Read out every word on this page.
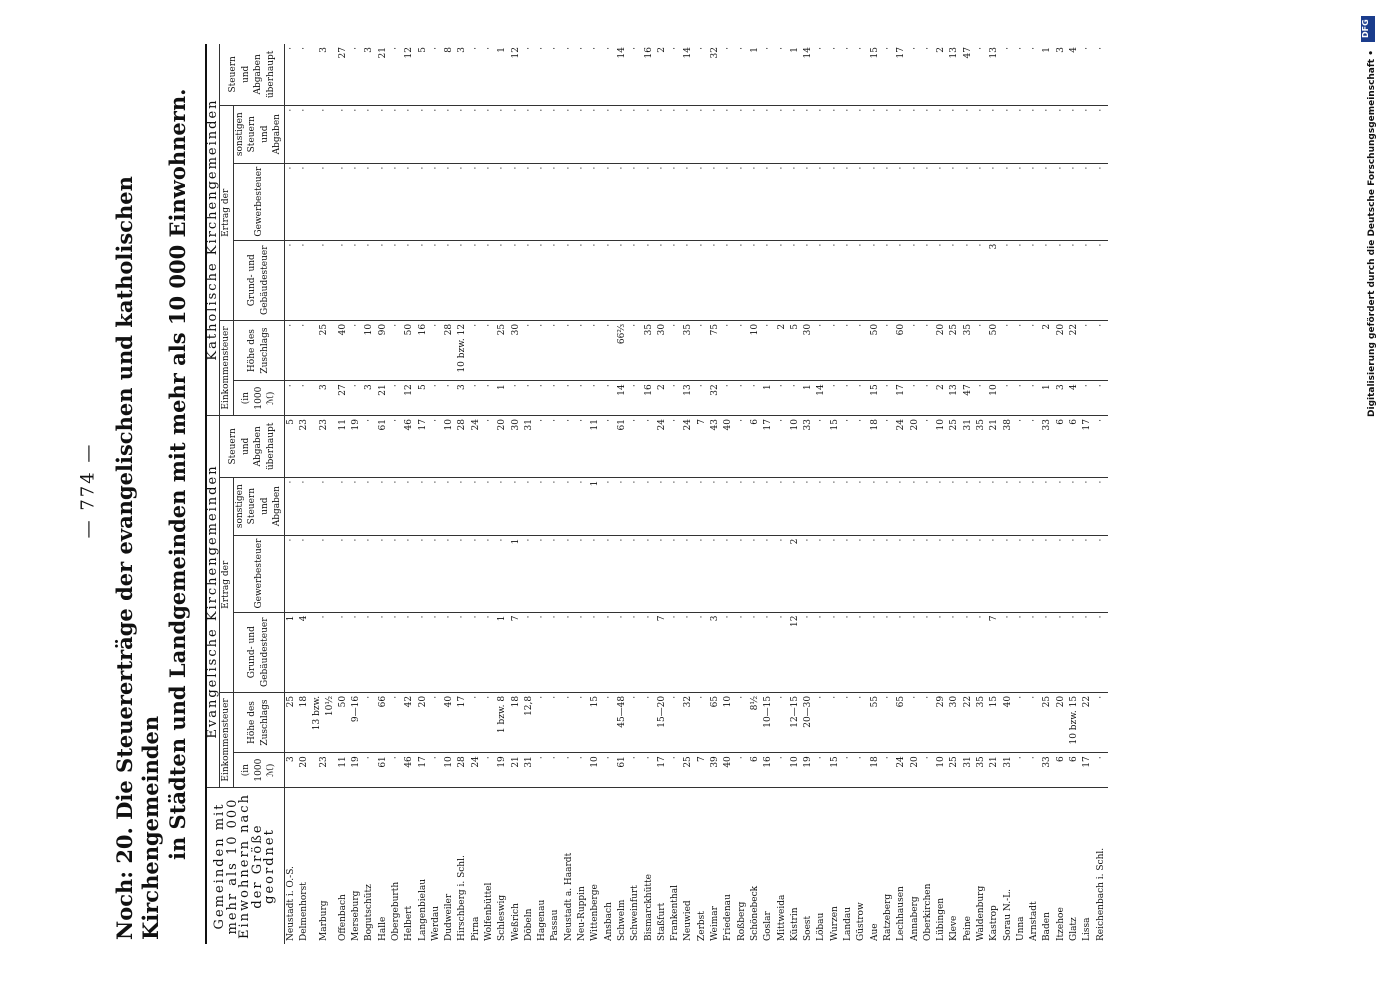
— 774 —
DFG
Digitalisierung gefördert durch die Deutsche Forschungsgemeinschaft •
Noch: 20. Die Steuererträge der evangelischen und katholischen Kirchengemeinden in Städten und Landgemeinden mit mehr als 10 000 Einwohnern.
Gemeinden mit mehr als 10 000 Einwohnern nach der Größe geordnet	Evangelische Kirchengemeinden						Katholische Kirchengemeinden					
	Einkommensteuer		Ertrag der			Steuern und Abgaben überhaupt	Einkommensteuer		Ertrag der			Steuern und Abgaben überhaupt
	(in 1000 ℳ)	Höhe des Zuschlags	Grund- und Gebäudesteuer	Gewerbesteuer	sonstigen Steuern und Abgaben		(in 1000 ℳ)	Höhe des Zuschlags	Grund- und Gebäudesteuer	Gewerbesteuer	sonstigen Steuern und Abgaben	
Neustadt i. O.-S.	3	25	1	·	·	5	·	·	·	·	·	·
Delmenhorst	20	18	4	·	·	23	·	·	·	·	·	·
Marburg	23	13 bzw. 10½	·	·	·	23	3	25	·	·	·	3
Offenbach	11	50	·	·	·	11	27	40	·	·	·	27
Merseburg	19	9—16	·	·	·	19	·	·	·	·	·	·
Bogutschütz	·	·	·	·	·	·	3	10	·	·	·	3
Halle	61	66	·	·	·	61	21	90	·	·	·	21
Obergeburth	·	·	·	·	·	·	·	·	·	·	·	·
Helbert	46	42	·	·	·	46	12	50	·	·	·	12
Langenbielau	17	20	·	·	·	17	5	16	·	·	·	5
Werdau	·	·	·	·	·	·	·	·	·	·	·	·
Dudweiler	10	40	·	·	·	10	·	28	·	·	·	8
Hirschberg i. Schl.	28	17	·	·	·	28	3	10 bzw. 12	·	·	·	3
Pirna	24	·	·	·	·	24	·	·	·	·	·	·
Wolfenbüttel	·	·	·	·	·	·	·	·	·	·	·	·
Schleswig	19	1 bzw. 8	1	·	·	20	1	25	·	·	·	1
Weßrich	21	18	7	1	·	30	·	30	·	·	·	12
Döbeln	31	12,8	·	·	·	31	·	·	·	·	·	·
Hagenau	·	·	·	·	·	·	·	·	·	·	·	·
Passau	·	·	·	·	·	·	·	·	·	·	·	·
Neustadt a. Haardt	·	·	·	·	·	·	·	·	·	·	·	·
Neu-Ruppin	·	·	·	·	·	·	·	·	·	·	·	·
Wittenberge	10	15	·	·	1	11	·	·	·	·	·	·
Ansbach	·	·	·	·	·	·	·	·	·	·	·	·
Schwelm	61	45—48	·	·	·	61	14	66⅔	·	·	·	14
Schweinfurt	·	·	·	·	·	·	·	·	·	·	·	·
Bismarckhütte	·	·	·	·	·	·	16	35	·	·	·	16
Staßfurt	17	15—20	7	·	·	24	2	30	·	·	·	2
Frankenthal	·	·	·	·	·	·	·	·	·	·	·	·
Neuwied	25	32	·	·	·	24	13	35	·	·	·	14
Zerbst	7	·	·	·	·	7	·	·	·	·	·	·
Weimar	39	65	3	·	·	43	32	75	·	·	·	32
Friedenau	40	10	·	·	·	40	·	·	·	·	·	·
Roßberg	·	·	·	·	·	·	·	·	·	·	·	·
Schönebeck	6	8½	·	·	·	6	·	10	·	·	·	1
Goslar	16	10—15	·	·	·	17	1	·	·	·	·	·
Mittweida	·	·	·	·	·	·	·	2	·	·	·	·
Küstrin	10	12—15	12	2	·	10	·	5	·	·	·	1
Soest	19	20—30	·	·	·	33	1	30	·	·	·	14
Löbau	·	·	·	·	·	·	14	·	·	·	·	·
Wurzen	15	·	·	·	·	15	·	·	·	·	·	·
Landau	·	·	·	·	·	·	·	·	·	·	·	·
Güstrow	·	·	·	·	·	·	·	·	·	·	·	·
Aue	18	55	·	·	·	18	15	50	·	·	·	15
Ratzeberg	·	·	·	·	·	·	·	·	·	·	·	·
Lechhausen	24	65	·	·	·	24	17	60	·	·	·	17
Annaberg	20	·	·	·	·	20	·	·	·	·	·	·
Oberkirchen	·	·	·	·	·	·	·	·	·	·	·	·
Lübingen	10	29	·	·	·	10	2	20	·	·	·	2
Kleve	25	30	·	·	·	25	13	25	·	·	·	13
Peine	31	22	·	·	·	31	47	35	·	·	·	47
Waldenburg	35	35	·	·	·	35	·	·	·	·	·	·
Kastrop	21	15	7	·	·	21	10	50	3	·	·	13
Sorau N.-L.	31	40	·	·	·	38	·	·	·	·	·	·
Unna	·	·	·	·	·	·	·	·	·	·	·	·
Arnstadt	·	·	·	·	·	·	·	·	·	·	·	·
Baden	33	25	·	·	·	33	1	2	·	·	·	1
Itzehoe	6	20	·	·	·	6	3	20	·	·	·	3
Glatz	6	10 bzw. 15	·	·	·	6	4	22	·	·	·	4
Lissa	17	22	·	·	·	17	·	·	·	·	·	·
Reichenbach i. Schl.	·	·	·	·	·	·	·	·	·	·	·	·
